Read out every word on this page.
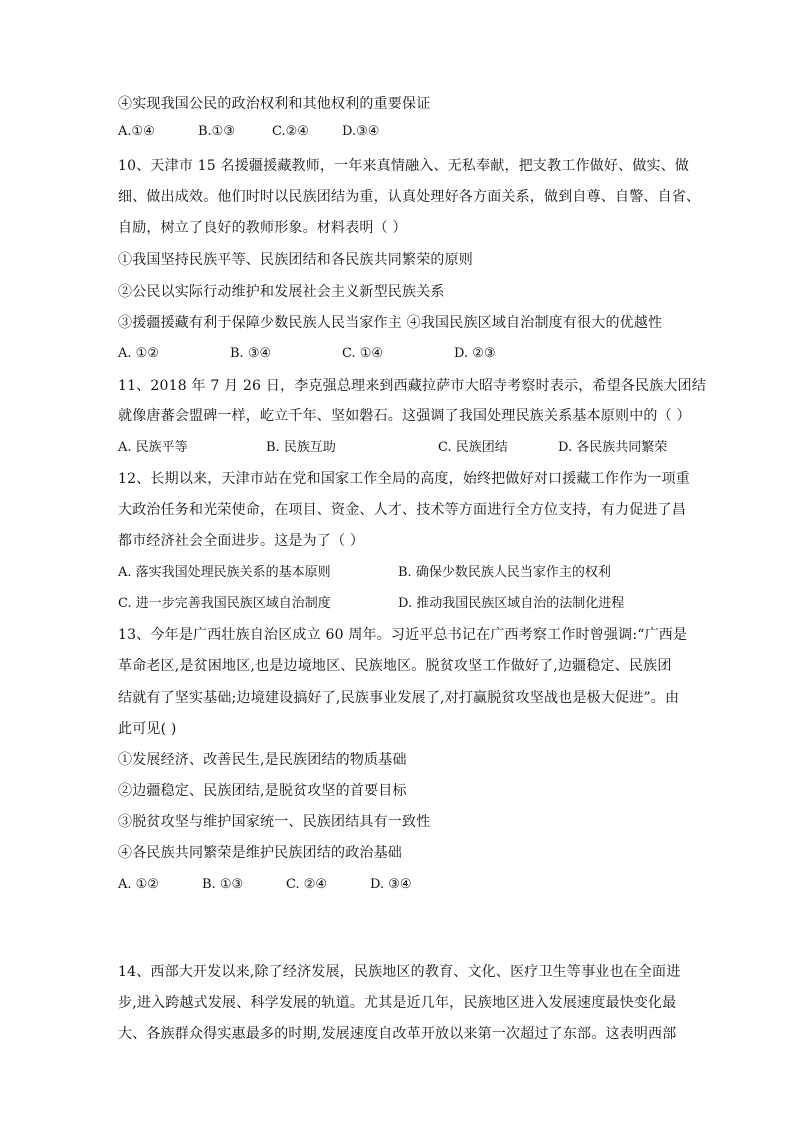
④实现我国公民的政治权利和其他权利的重要保证
A.①④	B.①③	C.②④	D.③④
10、天津市 15 名援疆援藏教师，一年来真情融入、无私奉献，把支教工作做好、做实、做
细、做出成效。他们时时以民族团结为重，认真处理好各方面关系，做到自尊、自警、自省、
自励，树立了良好的教师形象。材料表明（ ）
①我国坚持民族平等、民族团结和各民族共同繁荣的原则
②公民以实际行动维护和发展社会主义新型民族关系
③援疆援藏有利于保障少数民族人民当家作主 ④我国民族区域自治制度有很大的优越性
A. ①②	B. ③④	C. ①④	D. ②③
11、2018 年 7 月 26 日，李克强总理来到西藏拉萨市大昭寺考察时表示，希望各民族大团结
就像唐蕃会盟碑一样，屹立千年、坚如磐石。这强调了我国处理民族关系基本原则中的（ ）
A. 民族平等	B. 民族互助	C. 民族团结	D. 各民族共同繁荣
12、长期以来，天津市站在党和国家工作全局的高度，始终把做好对口援藏工作作为一项重
大政治任务和光荣使命，在项目、资金、人才、技术等方面进行全方位支持，有力促进了昌
都市经济社会全面进步。这是为了（ ）
A. 落实我国处理民族关系的基本原则	B. 确保少数民族人民当家作主的权利
C. 进一步完善我国民族区域自治制度	D. 推动我国民族区域自治的法制化进程
13、今年是广西壮族自治区成立 60 周年。习近平总书记在广西考察工作时曾强调:“广西是
革命老区,是贫困地区,也是边境地区、民族地区。脱贫攻坚工作做好了,边疆稳定、民族团
结就有了坚实基础;边境建设搞好了,民族事业发展了,对打赢脱贫攻坚战也是极大促进”。由
此可见( )
①发展经济、改善民生,是民族团结的物质基础
②边疆稳定、民族团结,是脱贫攻坚的首要目标
③脱贫攻坚与维护国家统一、民族团结具有一致性
④各民族共同繁荣是维护民族团结的政治基础
A. ①②	B. ①③	C. ②④	D. ③④
14、西部大开发以来,除了经济发展，民族地区的教育、文化、医疗卫生等事业也在全面进
步,进入跨越式发展、科学发展的轨道。尤其是近几年，民族地区进入发展速度最快变化最
大、各族群众得实惠最多的时期,发展速度自改革开放以来第一次超过了东部。这表明西部
